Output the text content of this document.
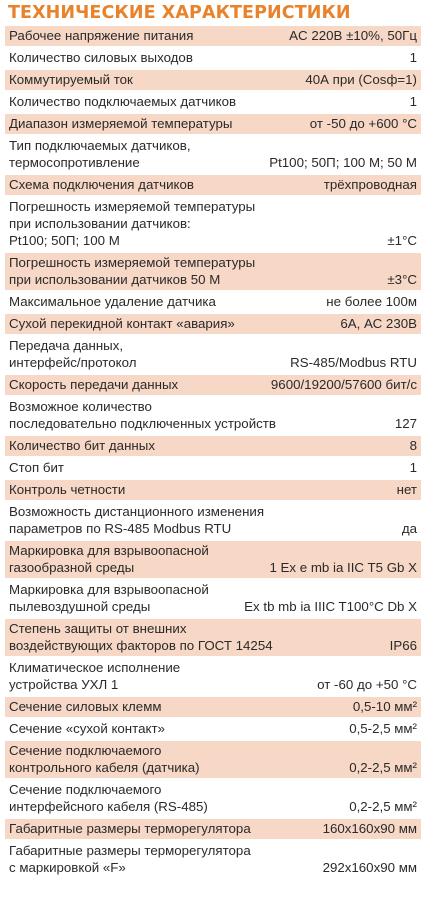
ТЕХНИЧЕСКИЕ ХАРАКТЕРИСТИКИ
Рабочее напряжение питания	AC 220В ±10%, 50Гц
Количество силовых выходов	1
Коммутируемый ток	40А при (Cosф=1)
Количество подключаемых датчиков	1
Диапазон измеряемой температуры	от -50 до +600 °С
Тип подключаемых датчиков,
термосопротивление	Pt100; 50П; 100 М; 50 М
Схема подключения датчиков	трёхпроводная
Погрешность измеряемой температуры
при использовании датчиков:
Pt100; 50П; 100 М	±1°С
Погрешность измеряемой температуры
при использовании датчиков 50 М	±3°С
Максимальное удаление датчика	не более 100м
Сухой перекидной контакт «авария»	6А, АС 230В
Передача данных,
интерфейс/протокол	RS-485/Modbus RTU
Скорость передачи данных	9600/19200/57600 бит/с
Возможное количество
последовательно подключенных устройств	127
Количество бит данных	8
Стоп бит	1
Контроль четности	нет
Возможность дистанционного изменения
параметров по RS-485 Modbus RTU	да
Маркировка для взрывоопасной
газообразной среды	1 Ex e mb ia IIC T5 Gb X
Маркировка для взрывоопасной
пылевоздушной среды	Ex tb mb ia IIIC T100°C Db X
Степень защиты от внешних
воздействующих факторов по ГОСТ 14254	IP66
Климатическое исполнение
устройства УХЛ 1	от -60 до +50 °С
Сечение силовых клемм	0,5-10 мм²
Сечение «сухой контакт»	0,5-2,5 мм²
Сечение подключаемого
контрольного кабеля (датчика)	0,2-2,5 мм²
Сечение подключаемого
интерфейсного кабеля (RS-485)	0,2-2,5 мм²
Габаритные размеры терморегулятора	160х160х90 мм
Габаритные размеры терморегулятора
с маркировкой «F»	292х160х90 мм
